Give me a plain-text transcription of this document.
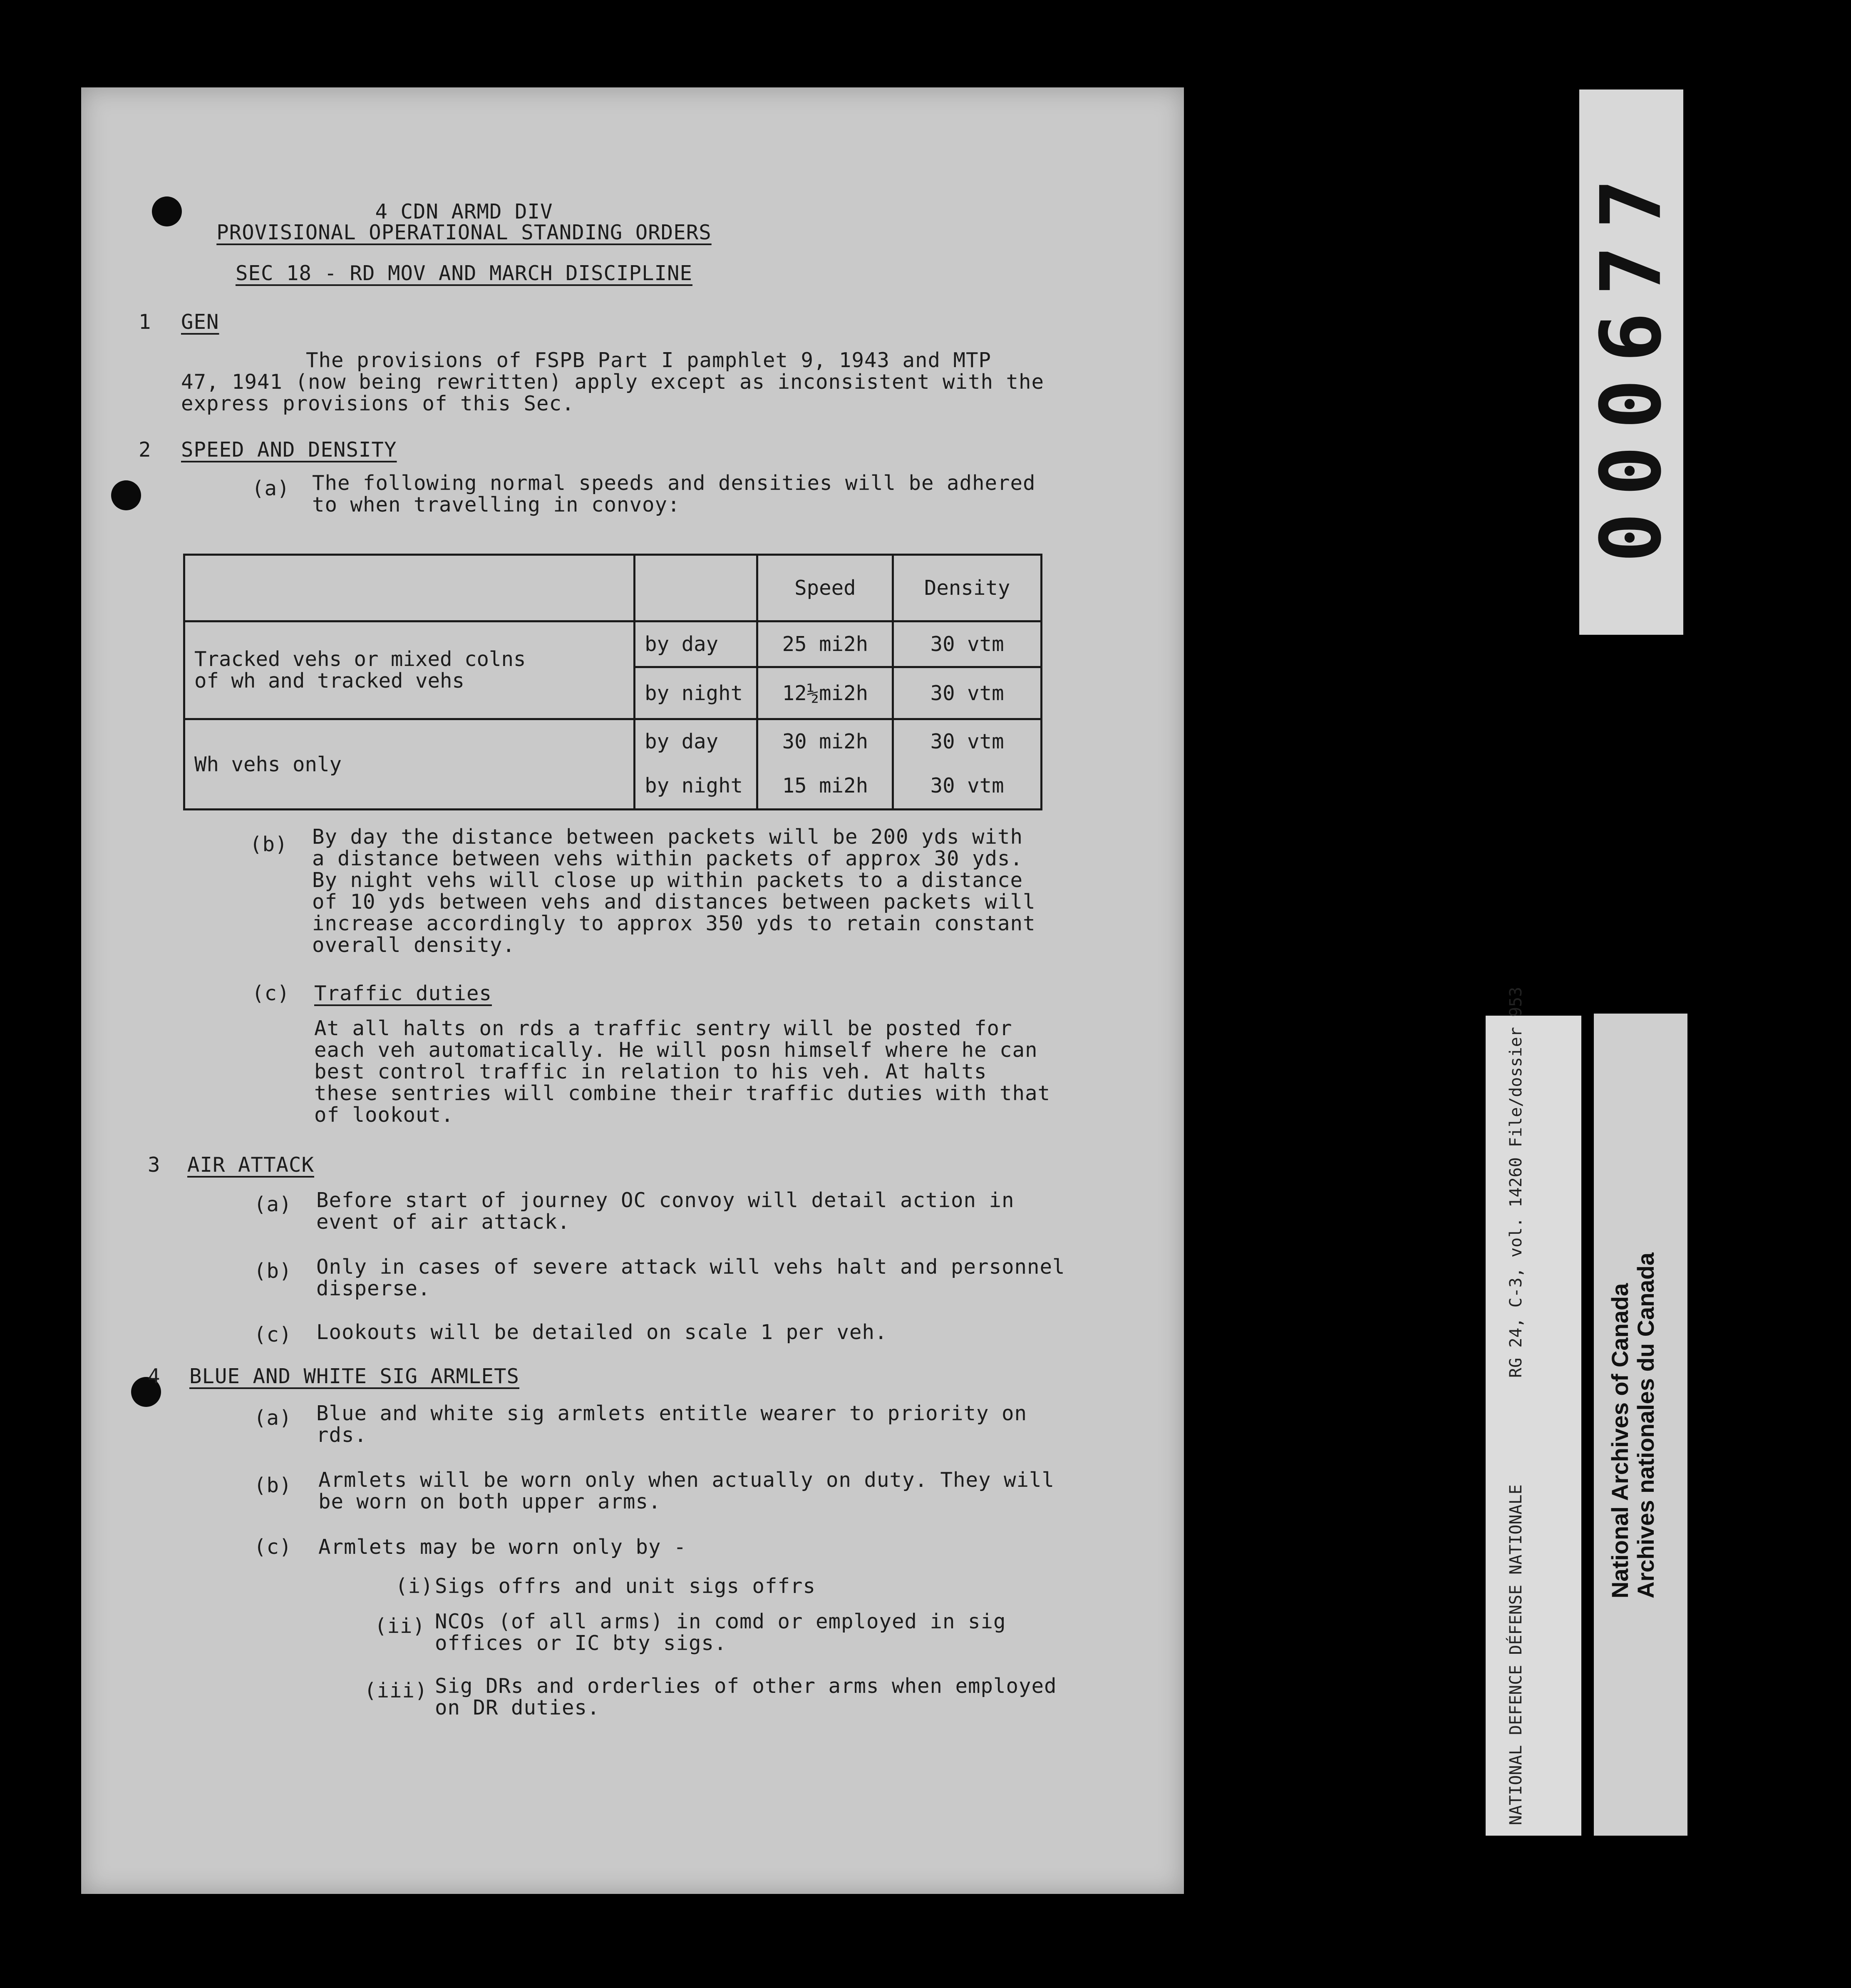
4 CDN ARMD DIV
PROVISIONAL OPERATIONAL STANDING ORDERS
SEC 18 - RD MOV AND MARCH DISCIPLINE
1 GEN
The provisions of FSPB Part I pamphlet 9, 1943 and MTP
47, 1941 (now being rewritten) apply except as inconsistent with the
express provisions of this Sec.
2 SPEED AND DENSITY
(a) The following normal speeds and densities will be adhered
to when travelling in convoy:
		Speed	Density
Tracked vehs or mixed colns
of wh and tracked vehs	by day	25 mi2h	30 vtm
	by night	12½mi2h	30 vtm
Wh vehs only	by day	30 mi2h	30 vtm
	by night	15 mi2h	30 vtm
(b) By day the distance between packets will be 200 yds with
a distance between vehs within packets of approx 30 yds.
By night vehs will close up within packets to a distance
of 10 yds between vehs and distances between packets will
increase accordingly to approx 350 yds to retain constant
overall density.
(c) Traffic duties
At all halts on rds a traffic sentry will be posted for
each veh automatically. He will posn himself where he can
best control traffic in relation to his veh. At halts
these sentries will combine their traffic duties with that
of lookout.
3 AIR ATTACK
(a) Before start of journey OC convoy will detail action in
event of air attack.
(b) Only in cases of severe attack will vehs halt and personnel
disperse.
(c) Lookouts will be detailed on scale 1 per veh.
4 BLUE AND WHITE SIG ARMLETS
(a) Blue and white sig armlets entitle wearer to priority on
rds.
(b) Armlets will be worn only when actually on duty. They will
be worn on both upper arms.
(c) Armlets may be worn only by -
(i) Sigs offrs and unit sigs offrs
(ii) NCOs (of all arms) in comd or employed in sig
offices or IC bty sigs.
(iii) Sig DRs and orderlies of other arms when employed
on DR duties.
000677
RG 24, C-3, vol. 14260 File/dossier 953
NATIONAL DEFENCE DÉFENSE NATIONALE
National Archives of Canada Archives nationales du Canada
